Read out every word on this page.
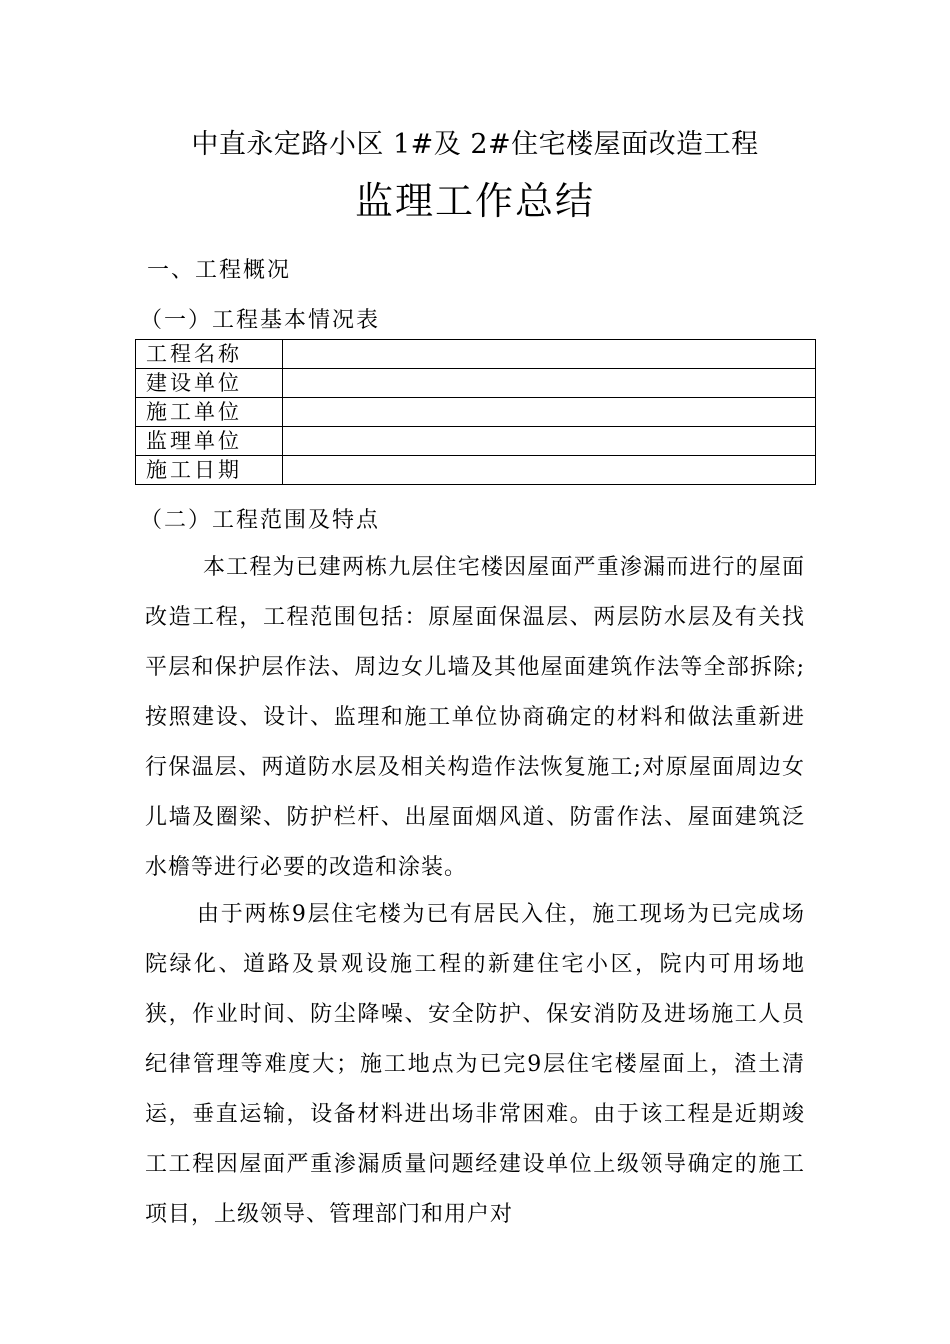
中直永定路小区 1#及 2#住宅楼屋面改造工程
监理工作总结
一、工程概况
（一）工程基本情况表
工程名称	
建设单位	
施工单位	
监理单位	
施工日期	
（二）工程范围及特点
本工程为已建两栋九层住宅楼因屋面严重渗漏而进行的屋面改造工程，工程范围包括：原屋面保温层、两层防水层及有关找平层和保护层作法、周边女儿墙及其他屋面建筑作法等全部拆除;按照建设、设计、监理和施工单位协商确定的材料和做法重新进行保温层、两道防水层及相关构造作法恢复施工;对原屋面周边女儿墙及圈梁、防护栏杆、出屋面烟风道、防雷作法、屋面建筑泛水檐等进行必要的改造和涂装。
由于两栋9层住宅楼为已有居民入住，施工现场为已完成场院绿化、道路及景观设施工程的新建住宅小区，院内可用场地狭，作业时间、防尘降噪、安全防护、保安消防及进场施工人员纪律管理等难度大；施工地点为已完9层住宅楼屋面上，渣土清运，垂直运输，设备材料进出场非常困难。由于该工程是近期竣工工程因屋面严重渗漏质量问题经建设单位上级领导确定的施工项目，上级领导、管理部门和用户对
